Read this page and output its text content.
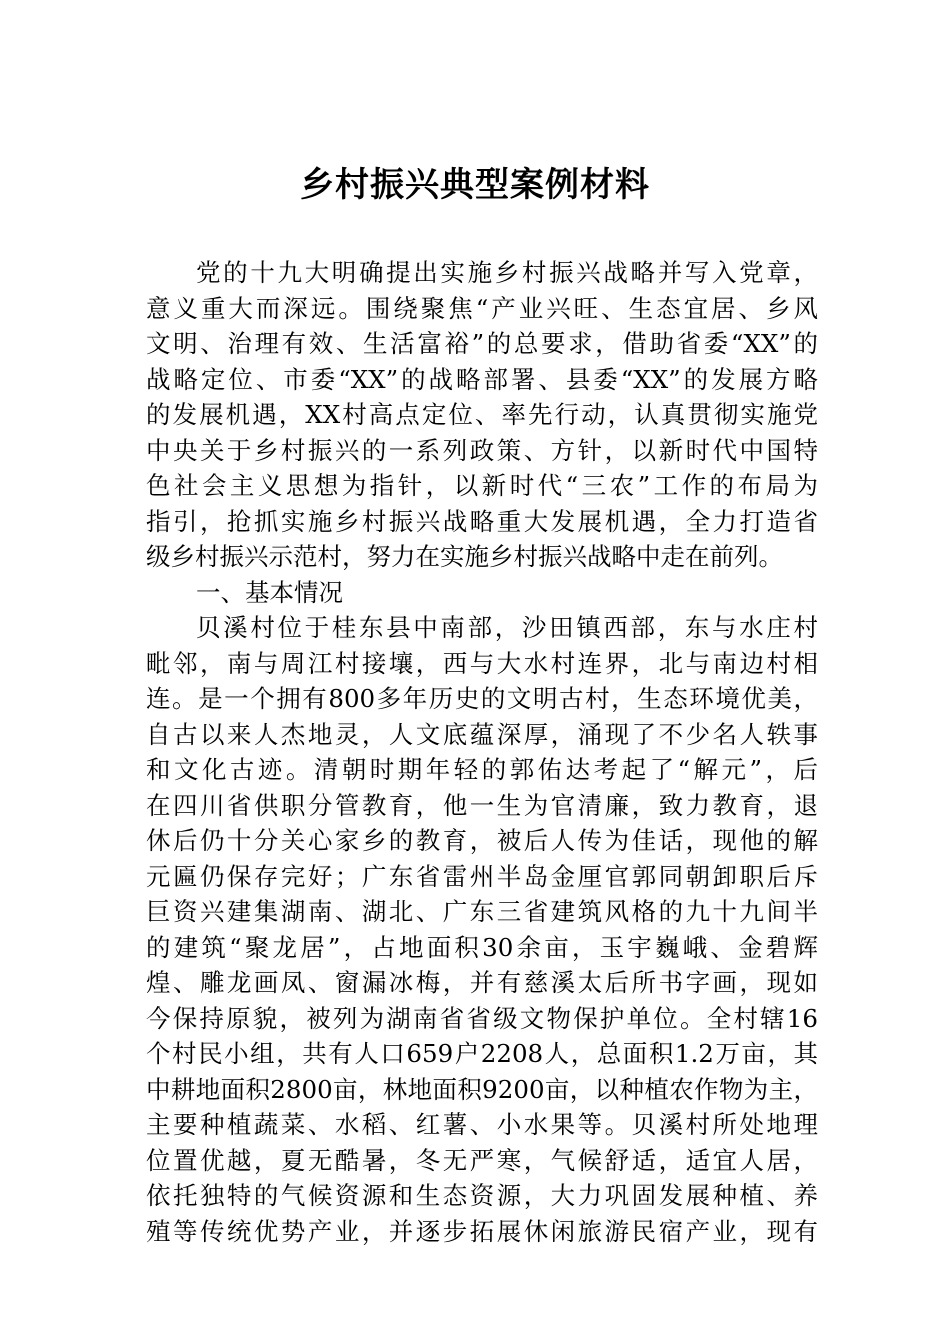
乡村振兴典型案例材料
党的十九大明确提出实施乡村振兴战略并写入党章，
意义重大而深远。围绕聚焦“产业兴旺、生态宜居、乡风
文明、治理有效、生活富裕”的总要求，借助省委“XX”的
战略定位、市委“XX”的战略部署、县委“XX”的发展方略
的发展机遇，XX村高点定位、率先行动，认真贯彻实施党
中央关于乡村振兴的一系列政策、方针，以新时代中国特
色社会主义思想为指针，以新时代“三农”工作的布局为
指引，抢抓实施乡村振兴战略重大发展机遇，全力打造省
级乡村振兴示范村，努力在实施乡村振兴战略中走在前列。
一、基本情况
贝溪村位于桂东县中南部，沙田镇西部，东与水庄村
毗邻，南与周江村接壤，西与大水村连界，北与南边村相
连。是一个拥有800多年历史的文明古村，生态环境优美，
自古以来人杰地灵，人文底蕴深厚，涌现了不少名人轶事
和文化古迹。清朝时期年轻的郭佑达考起了“解元”，后
在四川省供职分管教育，他一生为官清廉，致力教育，退
休后仍十分关心家乡的教育，被后人传为佳话，现他的解
元匾仍保存完好；广东省雷州半岛金厘官郭同朝卸职后斥
巨资兴建集湖南、湖北、广东三省建筑风格的九十九间半
的建筑“聚龙居”，占地面积30余亩，玉宇巍峨、金碧辉
煌、雕龙画凤、窗漏冰梅，并有慈溪太后所书字画，现如
今保持原貌，被列为湖南省省级文物保护单位。全村辖16
个村民小组，共有人口659户2208人，总面积1.2万亩，其
中耕地面积2800亩，林地面积9200亩，以种植农作物为主，
主要种植蔬菜、水稻、红薯、小水果等。贝溪村所处地理
位置优越，夏无酷暑，冬无严寒，气候舒适，适宜人居，
依托独特的气候资源和生态资源，大力巩固发展种植、养
殖等传统优势产业，并逐步拓展休闲旅游民宿产业，现有
